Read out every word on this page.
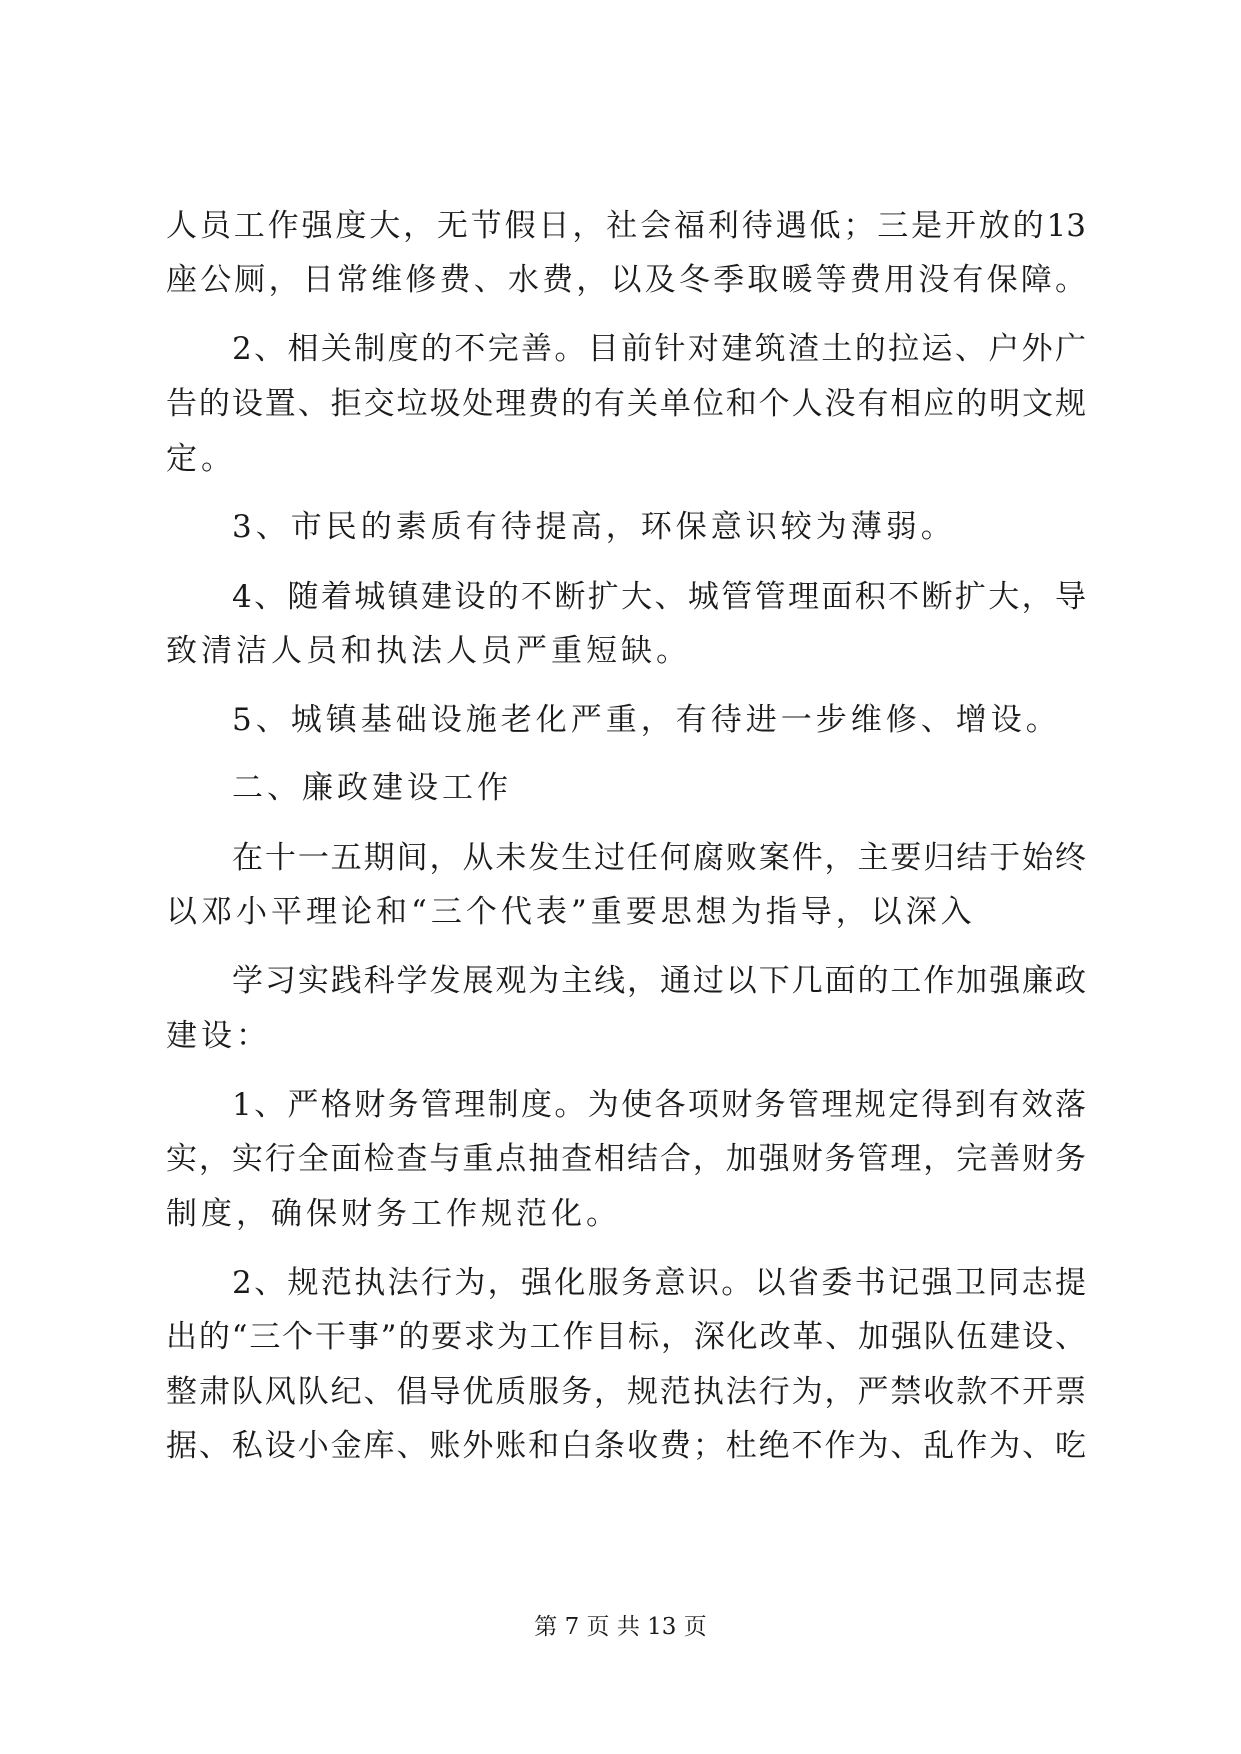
人员工作强度大，无节假日，社会福利待遇低；三是开放的13
座公厕，日常维修费、水费，以及冬季取暖等费用没有保障。
2、相关制度的不完善。目前针对建筑渣土的拉运、户外广
告的设置、拒交垃圾处理费的有关单位和个人没有相应的明文规
定。
3、市民的素质有待提高，环保意识较为薄弱。
4、随着城镇建设的不断扩大、城管管理面积不断扩大，导
致清洁人员和执法人员严重短缺。
5、城镇基础设施老化严重，有待进一步维修、增设。
二、廉政建设工作
在十一五期间，从未发生过任何腐败案件，主要归结于始终
以邓小平理论和“三个代表”重要思想为指导，以深入
学习实践科学发展观为主线，通过以下几面的工作加强廉政
建设：
1、严格财务管理制度。为使各项财务管理规定得到有效落
实，实行全面检查与重点抽查相结合，加强财务管理，完善财务
制度，确保财务工作规范化。
2、规范执法行为，强化服务意识。以省委书记强卫同志提
出的“三个干事”的要求为工作目标，深化改革、加强队伍建设、
整肃队风队纪、倡导优质服务，规范执法行为，严禁收款不开票
据、私设小金库、账外账和白条收费；杜绝不作为、乱作为、吃
第 7 页 共 13 页
